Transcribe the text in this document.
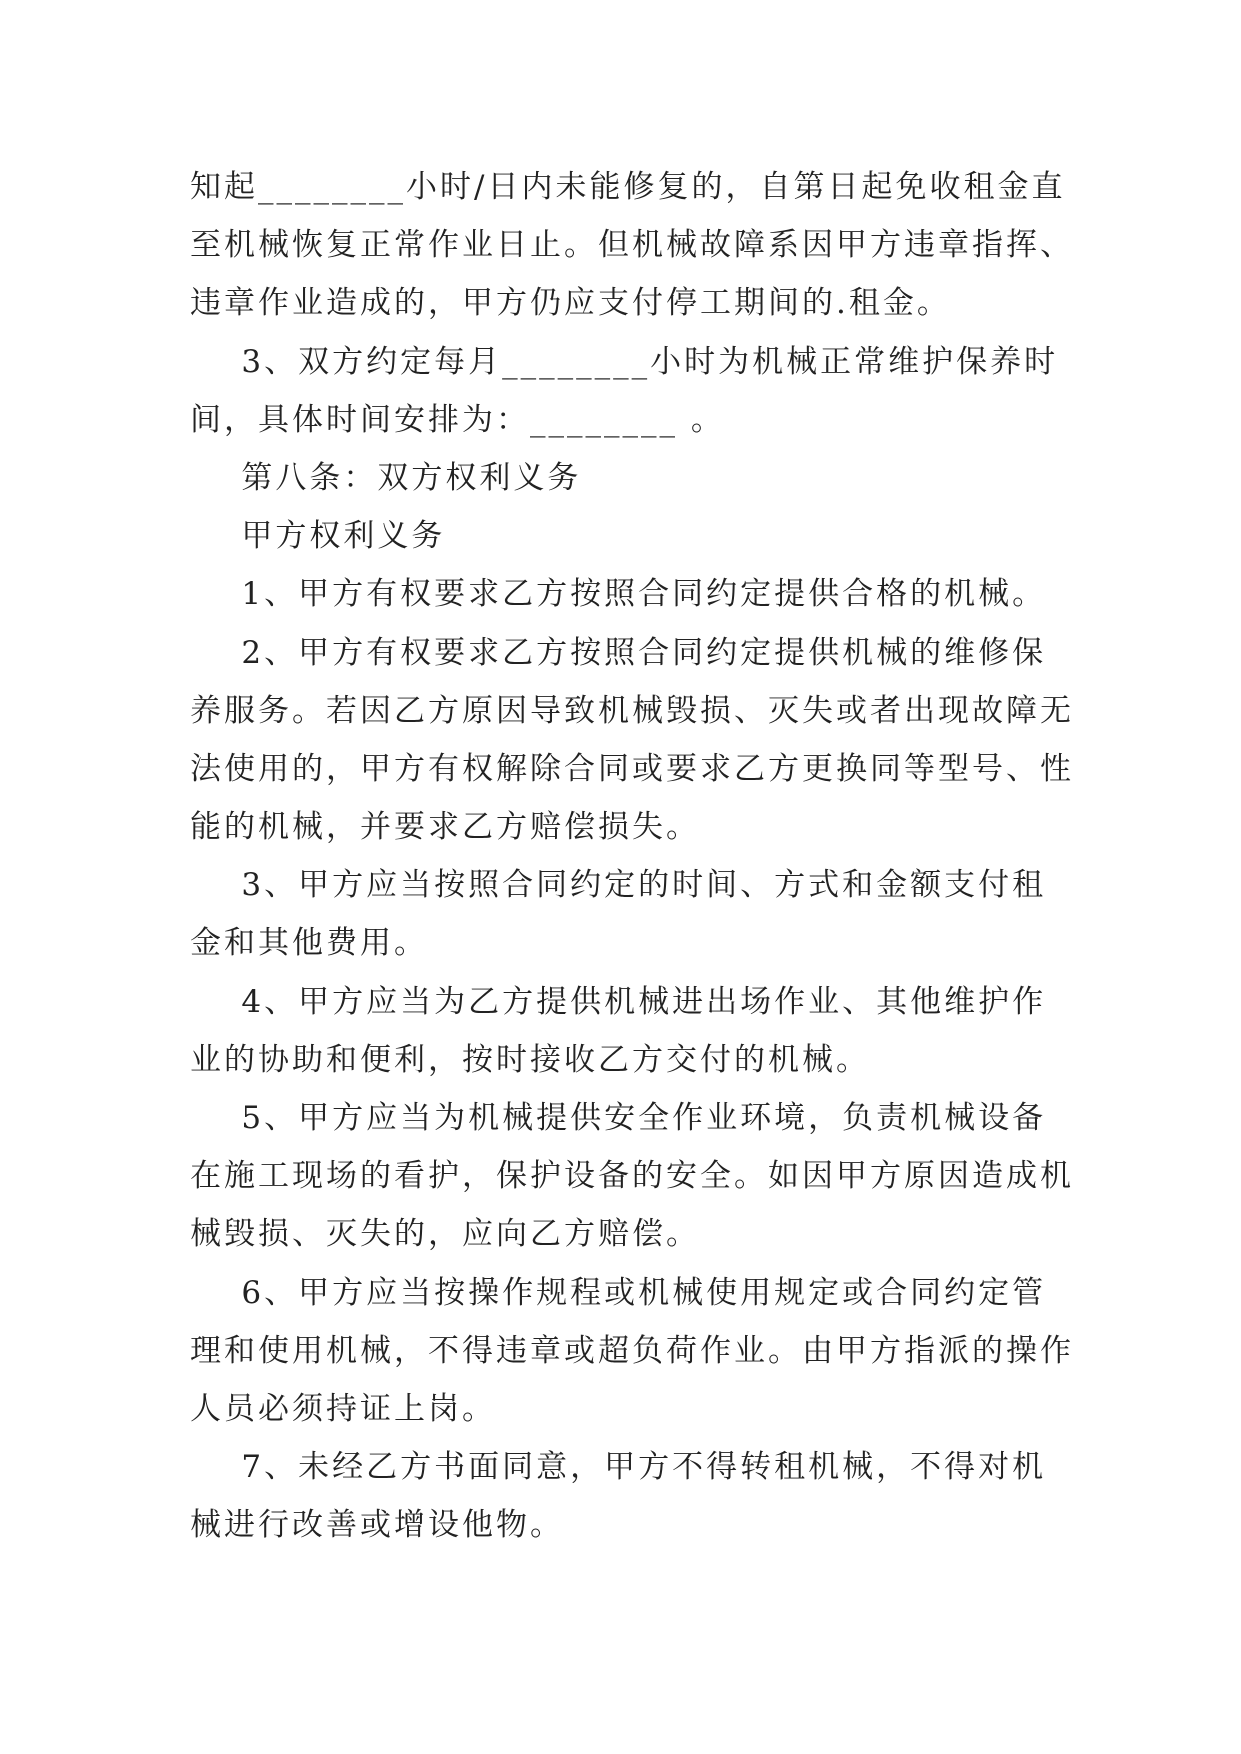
知起________小时/日内未能修复的，自第日起免收租金直
至机械恢复正常作业日止。但机械故障系因甲方违章指挥、
违章作业造成的，甲方仍应支付停工期间的.租金。
3、双方约定每月________小时为机械正常维护保养时
间，具体时间安排为：________ 。
第八条：双方权利义务
甲方权利义务
1、甲方有权要求乙方按照合同约定提供合格的机械。
2、甲方有权要求乙方按照合同约定提供机械的维修保
养服务。若因乙方原因导致机械毁损、灭失或者出现故障无
法使用的，甲方有权解除合同或要求乙方更换同等型号、性
能的机械，并要求乙方赔偿损失。
3、甲方应当按照合同约定的时间、方式和金额支付租
金和其他费用。
4、甲方应当为乙方提供机械进出场作业、其他维护作
业的协助和便利，按时接收乙方交付的机械。
5、甲方应当为机械提供安全作业环境，负责机械设备
在施工现场的看护，保护设备的安全。如因甲方原因造成机
械毁损、灭失的，应向乙方赔偿。
6、甲方应当按操作规程或机械使用规定或合同约定管
理和使用机械，不得违章或超负荷作业。由甲方指派的操作
人员必须持证上岗。
7、未经乙方书面同意，甲方不得转租机械，不得对机
械进行改善或增设他物。
